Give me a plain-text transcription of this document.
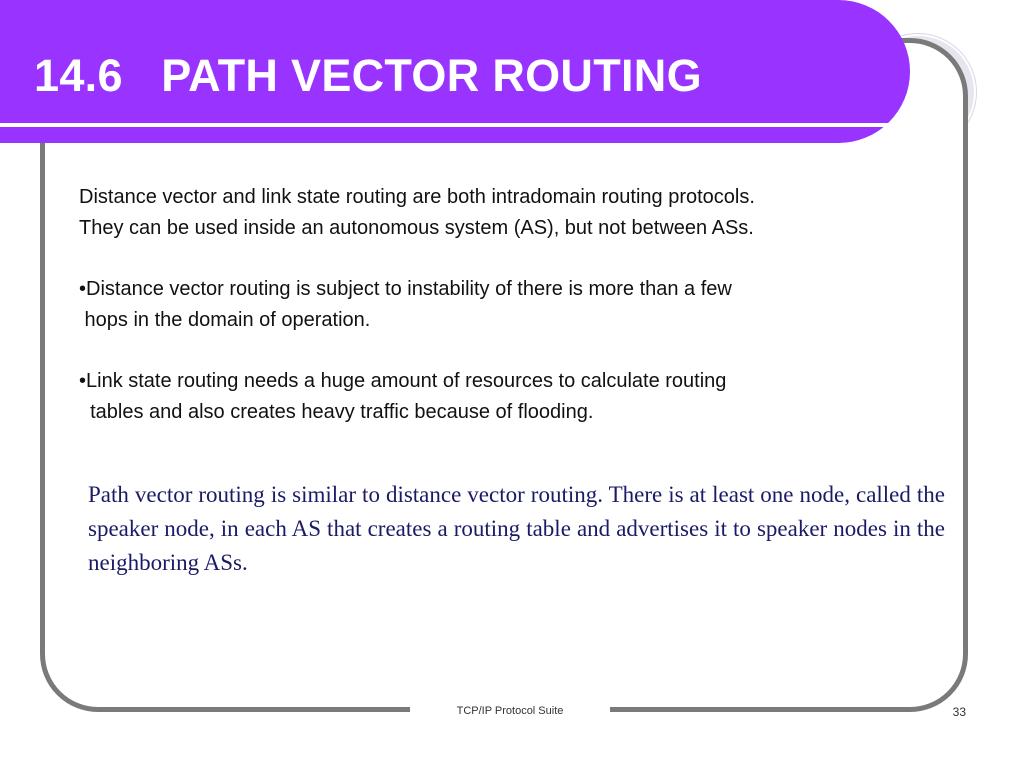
14.6   PATH VECTOR ROUTING

Distance vector and link state routing are both intradomain routing protocols.
They can be used inside an autonomous system (AS), but not between ASs.

•Distance vector routing is subject to instability of there is more than a few
hops in the domain of operation.

•Link state routing needs a huge amount of resources to calculate routing
tables and also creates heavy traffic because of flooding.

Path vector routing is similar to distance vector routing. There is at least one node, called the speaker node, in each AS that creates a routing table and advertises it to speaker nodes in the neighboring ASs.

TCP/IP Protocol Suite	33
